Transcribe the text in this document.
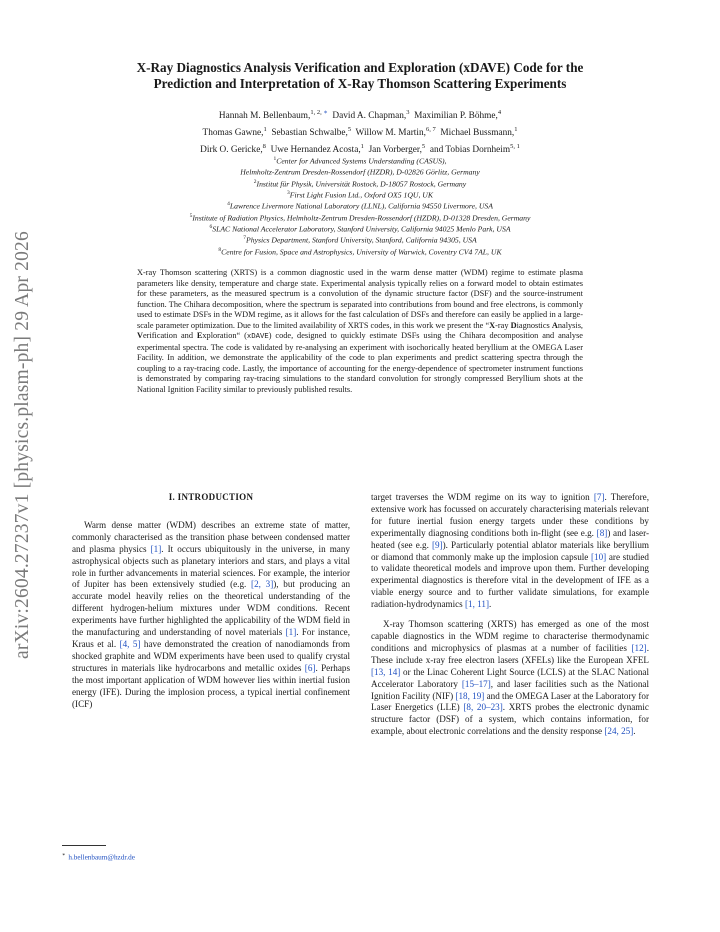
arXiv:2604.27237v1 [physics.plasm-ph] 29 Apr 2026
X-Ray Diagnostics Analysis Verification and Exploration (xDAVE) Code for the
Prediction and Interpretation of X-Ray Thomson Scattering Experiments
Hannah M. Bellenbaum,$^{1, 2,}$ ∗ David A. Chapman,$^3$ Maximilian P. Böhme,$^4$
Thomas Gawne,$^1$ Sebastian Schwalbe,$^5$ Willow M. Martin,$^{6, 7}$ Michael Bussmann,$^1$
Dirk O. Gericke,$^8$ Uwe Hernandez Acosta,$^1$ Jan Vorberger,$^5$ and Tobias Dornheim$^{5, 1}$
$^1$Center for Advanced Systems Understanding (CASUS),
Helmholtz-Zentrum Dresden-Rossendorf (HZDR), D-02826 Görlitz, Germany
$^2$Institut für Physik, Universität Rostock, D-18057 Rostock, Germany
$^3$First Light Fusion Ltd., Oxford OX5 1QU, UK
$^4$Lawrence Livermore National Laboratory (LLNL), California 94550 Livermore, USA
$^5$Institute of Radiation Physics, Helmholtz-Zentrum Dresden-Rossendorf (HZDR), D-01328 Dresden, Germany
$^6$SLAC National Accelerator Laboratory, Stanford University, California 94025 Menlo Park, USA
$^7$Physics Department, Stanford University, Stanford, California 94305, USA
$^8$Centre for Fusion, Space and Astrophysics, University of Warwick, Coventry CV4 7AL, UK
X-ray Thomson scattering (XRTS) is a common diagnostic used in the warm dense matter (WDM) regime to estimate plasma parameters like density, temperature and charge state. Experimental analysis typically relies on a forward model to obtain estimates for these parameters, as the measured spectrum is a convolution of the dynamic structure factor (DSF) and the source-instrument function. The Chihara decomposition, where the spectrum is separated into contributions from bound and free electrons, is commonly used to estimate DSFs in the WDM regime, as it allows for the fast calculation of DSFs and therefore can easily be applied in a large-scale parameter optimization. Due to the limited availability of XRTS codes, in this work we present the “X-ray Diagnostics Analysis, Verification and Exploration“ (xDAVE) code, designed to quickly estimate DSFs using the Chihara decomposition and analyse experimental spectra. The code is validated by re-analysing an experiment with isochorically heated beryllium at the OMEGA Laser Facility. In addition, we demonstrate the applicability of the code to plan experiments and predict scattering spectra through the coupling to a ray-tracing code. Lastly, the importance of accounting for the energy-dependence of spectrometer instrument functions is demonstrated by comparing ray-tracing simulations to the standard convolution for strongly compressed Beryllium shots at the National Ignition Facility similar to previously published results.
I. INTRODUCTION

Warm dense matter (WDM) describes an extreme state of matter, commonly characterised as the transition phase between condensed matter and plasma physics [1]. It occurs ubiquitously in the universe, in many astrophysical objects such as planetary interiors and stars, and plays a vital role in further advancements in material sciences. For example, the interior of Jupiter has been extensively studied (e.g. [2, 3]), but producing an accurate model heavily relies on the theoretical understanding of the different hydrogen-helium mixtures under WDM conditions. Recent experiments have further highlighted the applicability of the WDM field in the manufacturing and understanding of novel materials [1]. For instance, Kraus et al. [4, 5] have demonstrated the creation of nanodiamonds from shocked graphite and WDM experiments have been used to qualify crystal structures in materials like hydrocarbons and metallic oxides [6]. Perhaps the most important application of WDM however lies within inertial fusion energy (IFE). During the implosion process, a typical inertial confinement (ICF)

target traverses the WDM regime on its way to ignition [7]. Therefore, extensive work has focussed on accurately characterising materials relevant for future inertial fusion energy targets under these conditions by experimentally diagnosing conditions both in-flight (see e.g. [8]) and laser-heated (see e.g. [9]). Particularly potential ablator materials like beryllium or diamond that commonly make up the implosion capsule [10] are studied to validate theoretical models and improve upon them. Further developing experimental diagnostics is therefore vital in the development of IFE as a viable energy source and to further validate simulations, for example radiation-hydrodynamics [1, 11].

X-ray Thomson scattering (XRTS) has emerged as one of the most capable diagnostics in the WDM regime to characterise thermodynamic conditions and microphysics of plasmas at a number of facilities [12]. These include x-ray free electron lasers (XFELs) like the European XFEL [13, 14] or the Linac Coherent Light Source (LCLS) at the SLAC National Accelerator Laboratory [15–17], and laser facilities such as the National Ignition Facility (NIF) [18, 19] and the OMEGA Laser at the Laboratory for Laser Energetics (LLE) [8, 20–23]. XRTS probes the electronic dynamic structure factor (DSF) of a system, which contains information, for example, about electronic correlations and the density response [24, 25].

∗ h.bellenbaum@hzdr.de
